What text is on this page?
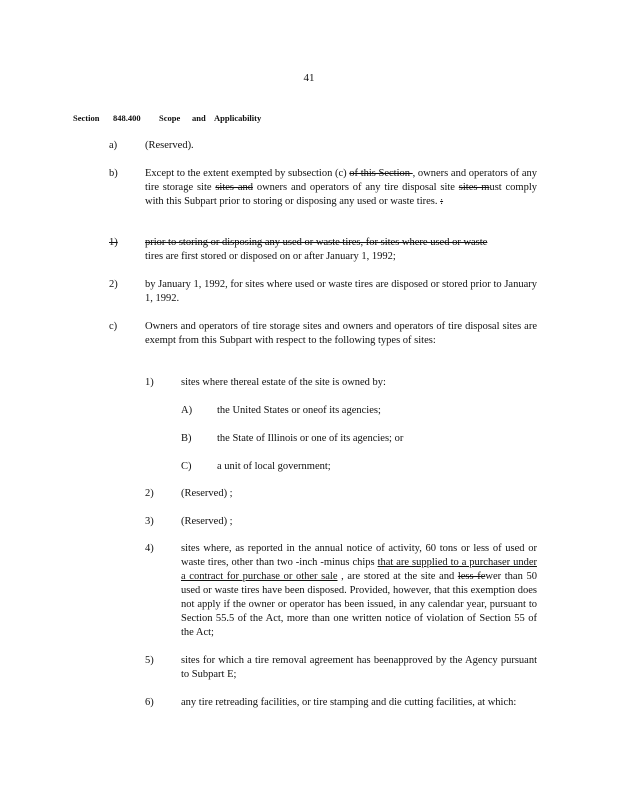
41
Section 848.400 Scope and Applicability
a)	(Reserved).
b)	Except to the extent exempted by subsection (c) of this Section , owners and operators of any tire storage site sites and owners and operators of any tire disposal site sites must comply with this Subpart prior to storing or disposing any used or waste tires. :
1)	prior to storing or disposing any used or waste tires, for sites where used or waste
tires are first stored or disposed on or after January 1, 1992;
2)	by January 1, 1992, for sites where used or waste tires are disposed or stored prior to January 1, 1992.
c)	Owners and operators of tire storage sites and owners and operators of tire disposal sites are exempt from this Subpart with respect to the following types of sites:
1)	sites where thereal estate of the site is owned by:
A) the United States or oneof its agencies;
B) the State of Illinois or one of its agencies; or
C) a unit of local government;
2)	(Reserved) ;
3)	(Reserved) ;
4)	sites where, as reported in the annual notice of activity, 60 tons or less of used or waste tires, other than two -inch -minus chips that are supplied to a purchaser under a contract for purchase or other sale , are stored at the site and less fewer than 50 used or waste tires have been disposed. Provided, however, that this exemption does not apply if the owner or operator has been issued, in any calendar year, pursuant to Section 55.5 of the Act, more than one written notice of violation of Section 55 of the Act;
5)	sites for which a tire removal agreement has beenapproved by the Agency pursuant to Subpart E;
6)	any tire retreading facilities, or tire stamping and die cutting facilities, at which:
